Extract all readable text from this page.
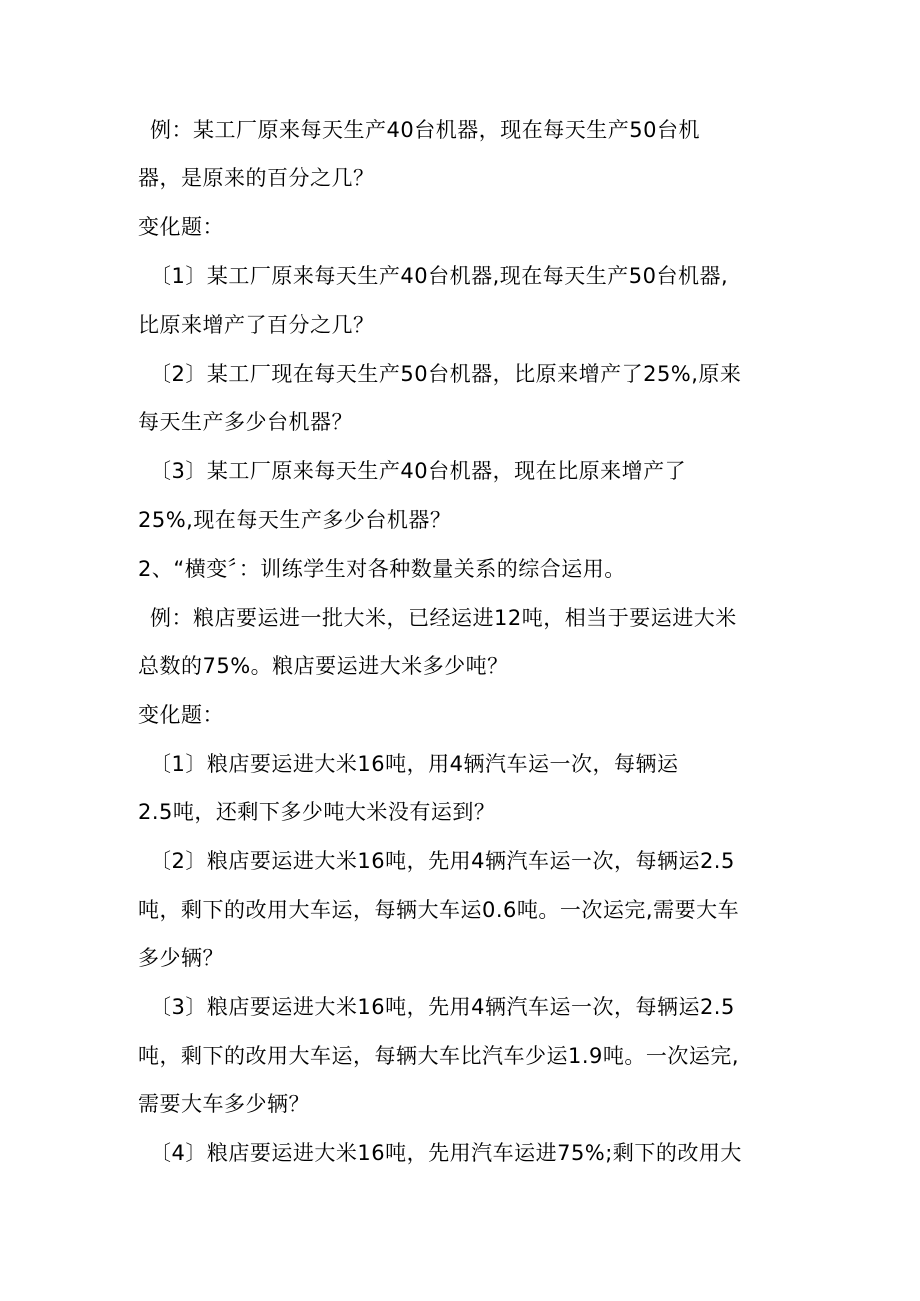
例：某工厂原来每天生产40台机器，现在每天生产50台机
器，是原来的百分之几？
变化题：
〔1〕某工厂原来每天生产40台机器,现在每天生产50台机器,
比原来增产了百分之几？
〔2〕某工厂现在每天生产50台机器，比原来增产了25%,原来
每天生产多少台机器？
〔3〕某工厂原来每天生产40台机器，现在比原来增产了
25%,现在每天生产多少台机器？
2、“横变〞：训练学生对各种数量关系的综合运用。
例：粮店要运进一批大米，已经运进12吨，相当于要运进大米
总数的75%。粮店要运进大米多少吨？
变化题：
〔1〕粮店要运进大米16吨，用4辆汽车运一次，每辆运
2.5吨，还剩下多少吨大米没有运到？
〔2〕粮店要运进大米16吨，先用4辆汽车运一次，每辆运2.5
吨，剩下的改用大车运，每辆大车运0.6吨。一次运完,需要大车
多少辆？
〔3〕粮店要运进大米16吨，先用4辆汽车运一次，每辆运2.5
吨，剩下的改用大车运，每辆大车比汽车少运1.9吨。一次运完,
需要大车多少辆？
〔4〕粮店要运进大米16吨，先用汽车运进75%;剩下的改用大
